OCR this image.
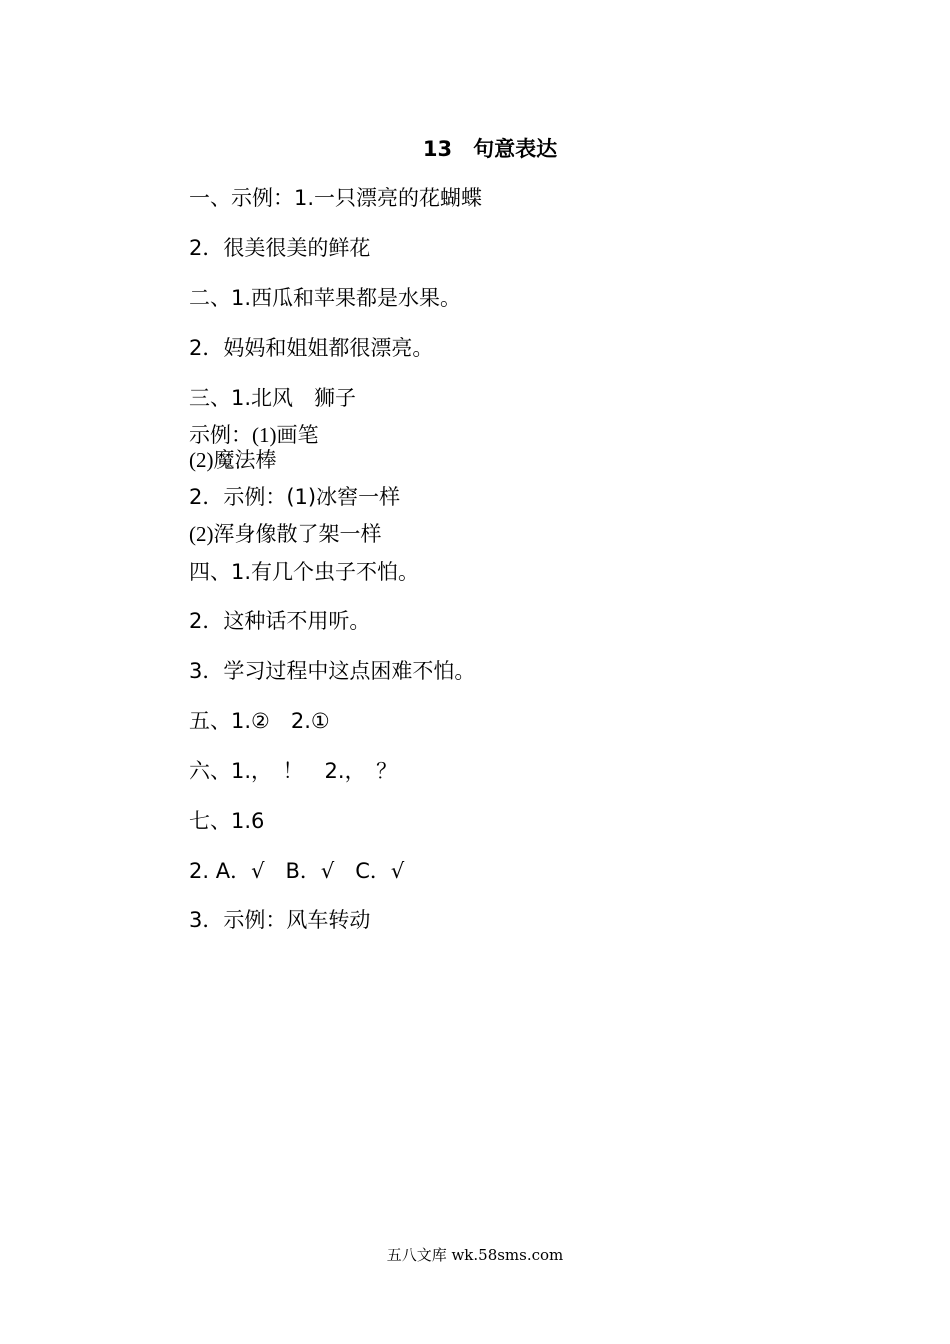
13　句意表达
一、示例：1.一只漂亮的花蝴蝶
2．很美很美的鲜花
二、1.西瓜和苹果都是水果。
2．妈妈和姐姐都很漂亮。
三、1.北风　狮子
示例：(1)画笔
(2)魔法棒
2．示例：(1)冰窖一样
(2)浑身像散了架一样
四、1.有几个虫子不怕。
2．这种话不用听。
3．学习过程中这点困难不怕。
五、1.②　2.①
六、1.，　！　2.，　？
七、1.6
2. A．√　B．√　C．√
3．示例：风车转动
五八文库 wk.58sms.com
